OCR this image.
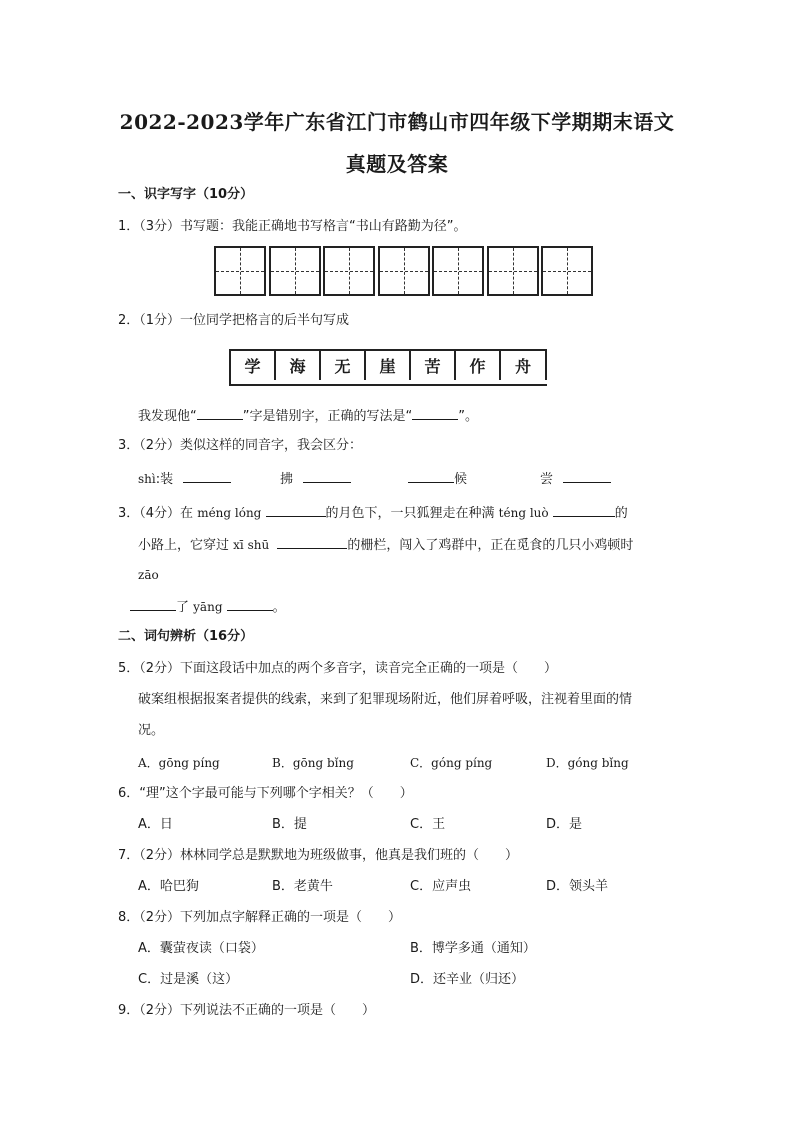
2022-2023学年广东省江门市鹤山市四年级下学期期末语文
真题及答案
一、识字写字（10分）
1．（3分）书写题：我能正确地书写格言“书山有路勤为径”。
2．（1分）一位同学把格言的后半句写成
学	海	无	崖	苦	作	舟
我发现他“	”字是错别字，正确的写法是“	”。
3．（2分）类似这样的同音字，我会区分：
shì:装	拂	候	尝
3．（4分）在 méng lóng	的月色下，一只狐狸走在种满 téng luò	的
小路上，它穿过 xī shū	的栅栏，闯入了鸡群中，正在觅食的几只小鸡顿时
zāo
了 yāng	。
二、词句辨析（16分）
5．（2分）下面这段话中加点的两个多音字，读音完全正确的一项是（　　）
破案组根据报案者提供的线索，来到了犯罪现场附近，他们屏着呼吸，注视着里面的情
况。
A．gōng píng	B．gōng bǐng	C．góng píng	D．góng bǐng
6．“理”这个字最可能与下列哪个字相关？（　　）
A．日	B．提	C．王	D．是
7．（2分）林林同学总是默默地为班级做事，他真是我们班的（　　）
A．哈巴狗	B．老黄牛	C．应声虫	D．领头羊
8．（2分）下列加点字解释正确的一项是（　　）
A．囊萤夜读（口袋）	B．博学多通（通知）
C．过是溪（这）	D．还辛业（归还）
9．（2分）下列说法不正确的一项是（　　）
